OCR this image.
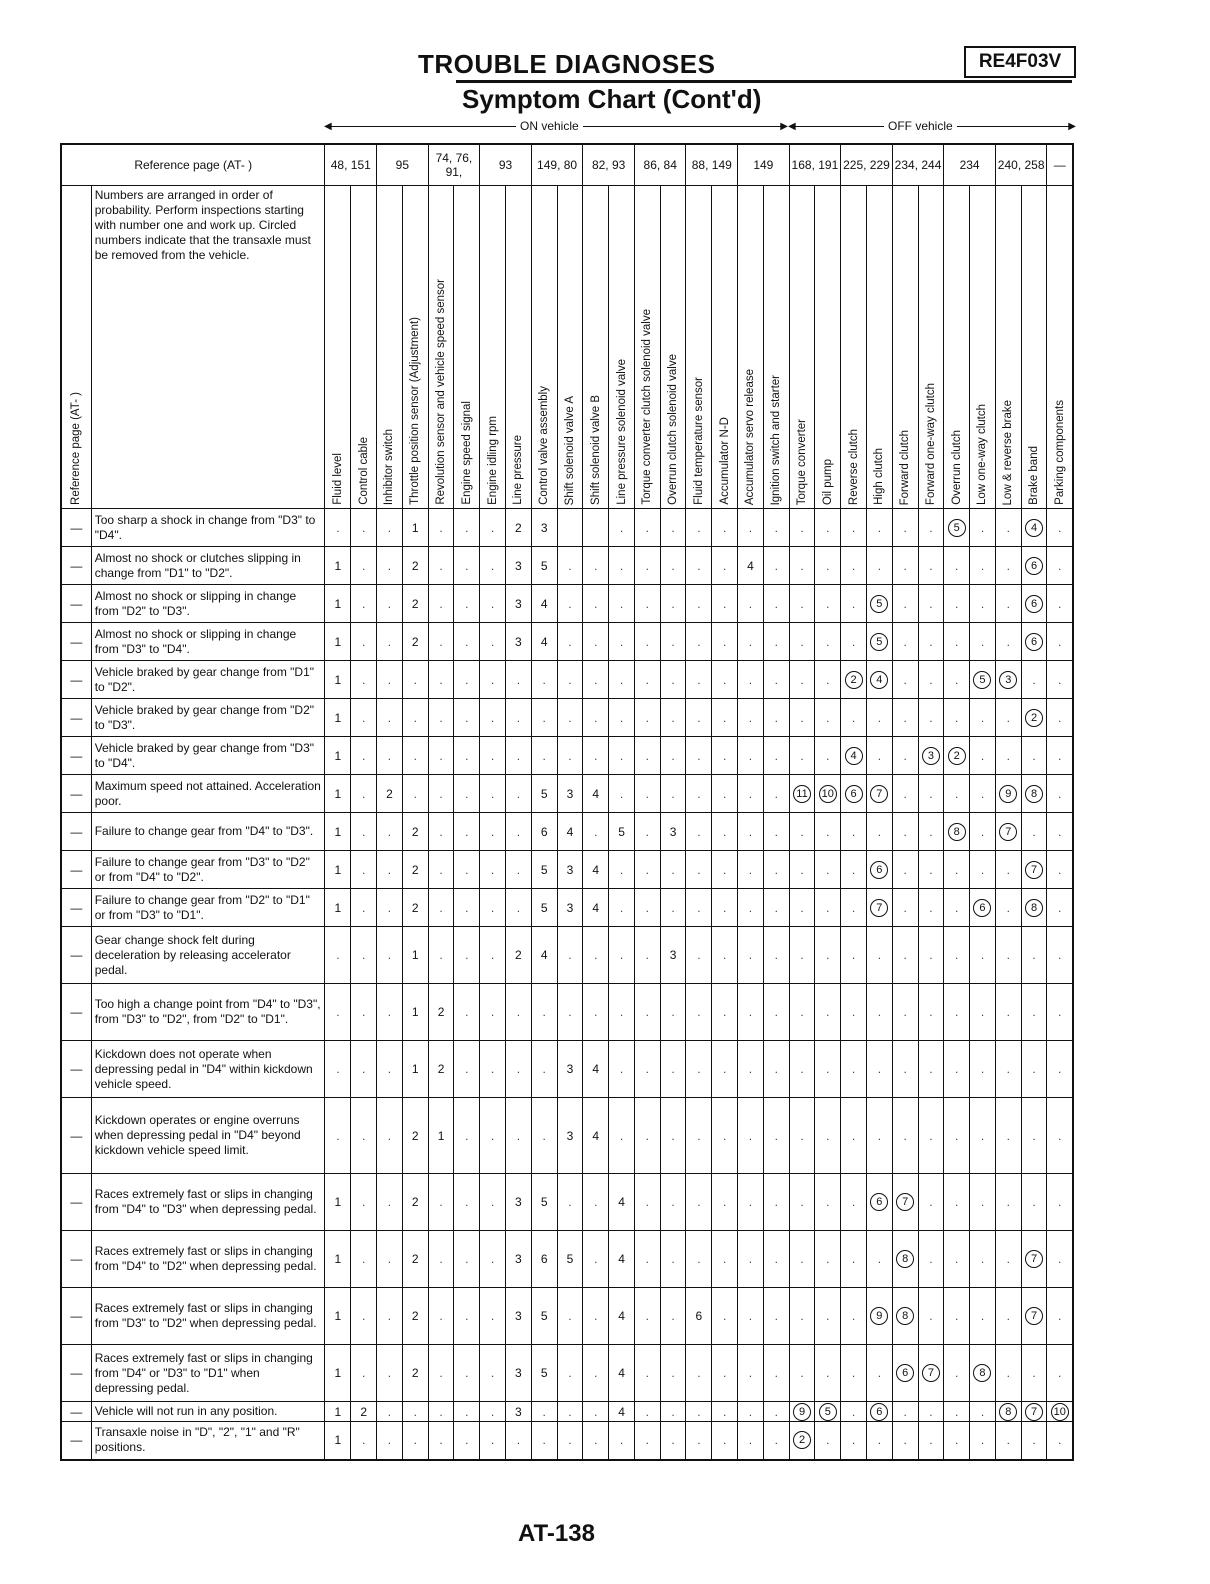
TROUBLE DIAGNOSES	RE4F03V
Symptom Chart (Cont'd)
◀	▶
ON vehicle	◀	▶
OFF vehicle
Reference page (AT- )		48, 151		95		74, 76, 91,		93		149, 80		82, 93		86, 84		88, 149		149		168, 191		225, 229		234, 244		234		240, 258		—
Reference page (AT- )	Numbers are arranged in order of probability. Perform inspections starting with number one and work up. Circled numbers indicate that the transaxle must be removed from the vehicle.	Fluid level	Control cable	Inhibitor switch	Throttle position sensor (Adjustment)	Revolution sensor and vehicle speed sensor	Engine speed signal	Engine idling rpm	Line pressure	Control valve assembly	Shift solenoid valve A	Shift solenoid valve B	Line pressure solenoid valve	Torque converter clutch solenoid valve	Overrun clutch solenoid valve	Fluid temperature sensor	Accumulator N-D	Accumulator servo release	Ignition switch and starter	Torque converter	Oil pump	Reverse clutch	High clutch	Forward clutch	Forward one-way clutch	Overrun clutch	Low one-way clutch	Low & reverse brake	Brake band	Parking components
—	Too sharp a shock in change from "D3" to "D4".	.	.	.	1	.	.	.	2	3			.	.	.	.	.	.	.	.	.	.	.	.	.	5	.	.	4	.
—	Almost no shock or clutches slipping in change from "D1" to "D2".	1	.	.	2	.	.	.	3	5	.	.	.	.	.	.	.	4	.	.	.	.	.	.	.	.	.	.	6	.
—	Almost no shock or slipping in change from "D2" to "D3".	1	.	.	2	.	.	.	3	4	.	.	.	.	.	.	.	.	.	.	.	.	5	.	.	.	.	.	6	.
—	Almost no shock or slipping in change from "D3" to "D4".	1	.	.	2	.	.	.	3	4	.	.	.	.	.	.	.	.	.	.	.	.	5	.	.	.	.	.	6	.
—	Vehicle braked by gear change from "D1" to "D2".	1	.	.	.	.	.	.	.	.	.	.	.	.	.	.	.	.	.	.	.	2	4	.	.	.	5	3	.	.
—	Vehicle braked by gear change from "D2" to "D3".	1	.	.	.	.	.	.	.	.	.	.	.	.	.	.	.	.	.	.	.	.	.	.	.	.	.	.	2	.
—	Vehicle braked by gear change from "D3" to "D4".	1	.	.	.	.	.	.	.	.	.	.	.	.	.	.	.	.	.	.	.	4	.	.	3	2	.	.	.	.
—	Maximum speed not attained. Acceleration poor.	1	.	2	.	.	.	.	.	5	3	4	.	.	.	.	.	.	.	11	10	6	7	.	.	.	.	9	8	.
—	Failure to change gear from "D4" to "D3".	1	.	.	2	.	.	.	.	6	4	.	5	.	3	.	.	.	.	.	.	.	.	.	.	8	.	7	.	.
—	Failure to change gear from "D3" to "D2" or from "D4" to "D2".	1	.	.	2	.	.	.	.	5	3	4	.	.	.	.	.	.	.	.	.	.	6	.	.	.	.	.	7	.
—	Failure to change gear from "D2" to "D1" or from "D3" to "D1".	1	.	.	2	.	.	.	.	5	3	4	.	.	.	.	.	.	.	.	.	.	7	.	.	.	6	.	8	.
—	Gear change shock felt during deceleration by releasing accelerator pedal.	.	.	.	1	.	.	.	2	4	.	.	.	.	3	.	.	.	.	.	.	.	.	.	.	.	.	.	.	.
—	Too high a change point from "D4" to "D3", from "D3" to "D2", from "D2" to "D1".	.	.	.	1	2	.	.	.	.	.	.	.	.	.	.	.	.	.	.	.	.	.	.	.	.	.	.	.	.
—	Kickdown does not operate when depressing pedal in "D4" within kickdown vehicle speed.	.	.	.	1	2	.	.	.	.	3	4	.	.	.	.	.	.	.	.	.	.	.	.	.	.	.	.	.	.
—	Kickdown operates or engine overruns when depressing pedal in "D4" beyond kickdown vehicle speed limit.	.	.	.	2	1	.	.	.	.	3	4	.	.	.	.	.	.	.	.	.	.	.	.	.	.	.	.	.	.
—	Races extremely fast or slips in changing from "D4" to "D3" when depressing pedal.	1	.	.	2	.	.	.	3	5	.	.	4	.	.	.	.	.	.	.	.	.	6	7	.	.	.	.	.	.
—	Races extremely fast or slips in changing from "D4" to "D2" when depressing pedal.	1	.	.	2	.	.	.	3	6	5	.	4	.	.	.	.	.	.	.	.	.	.	8	.	.	.	.	7	.
—	Races extremely fast or slips in changing from "D3" to "D2" when depressing pedal.	1	.	.	2	.	.	.	3	5	.	.	4	.	.	6	.	.	.	.	.	.	9	8	.	.	.	.	7	.
—	Races extremely fast or slips in changing from "D4" or "D3" to "D1" when depressing pedal.	1	.	.	2	.	.	.	3	5	.	.	4	.	.	.	.	.	.	.	.	.	.	6	7	.	8	.	.	.
—	Vehicle will not run in any position.	1	2	.	.	.	.	.	3	.	.	.	4	.	.	.	.	.	.	9	5	.	6	.	.	.	.	8	7	10
—	Transaxle noise in "D", "2", "1" and "R" positions.	1	.	.	.	.	.	.	.	.	.	.	.	.	.	.	.	.	.	2	.	.	.	.	.	.	.	.	.	.
AT-138
